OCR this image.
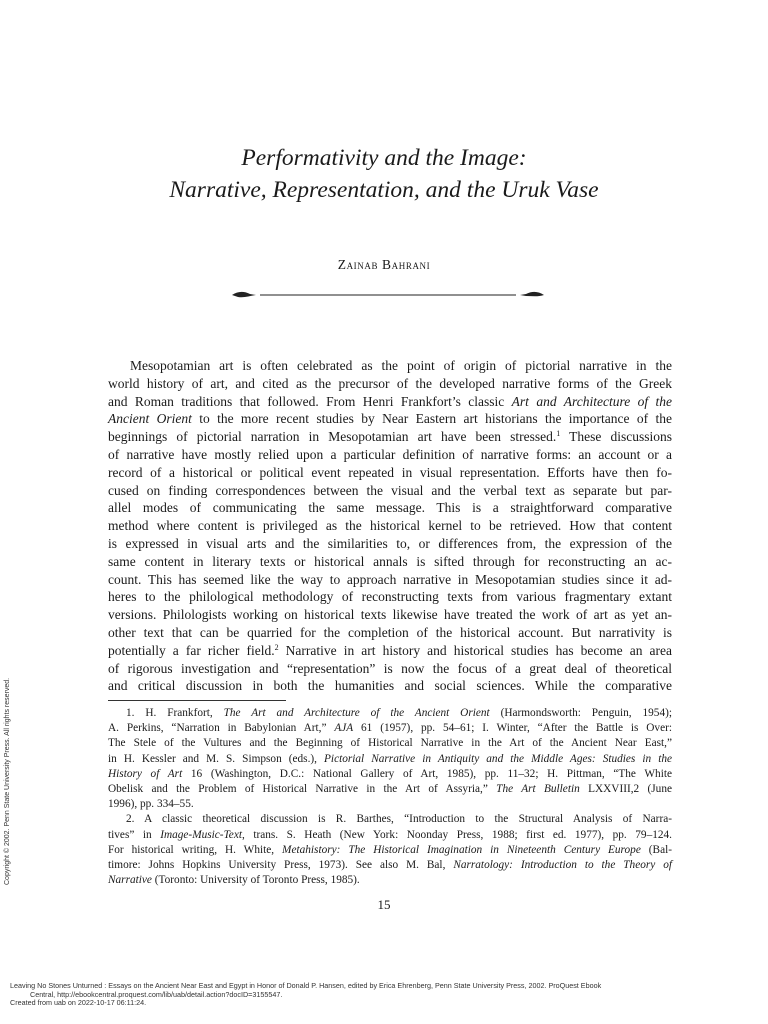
Performativity and the Image:
Narrative, Representation, and the Uruk Vase
Zainab Bahrani
Mesopotamian art is often celebrated as the point of origin of pictorial narrative in the
world history of art, and cited as the precursor of the developed narrative forms of the Greek
and Roman traditions that followed. From Henri Frankfort’s classic Art and Architecture of the
Ancient Orient to the more recent studies by Near Eastern art historians the importance of the
beginnings of pictorial narration in Mesopotamian art have been stressed.$^1$ These discussions
of narrative have mostly relied upon a particular definition of narrative forms: an account or a
record of a historical or political event repeated in visual representation. Efforts have then fo-
cused on finding correspondences between the visual and the verbal text as separate but par-
allel modes of communicating the same message. This is a straightforward comparative
method where content is privileged as the historical kernel to be retrieved. How that content
is expressed in visual arts and the similarities to, or differences from, the expression of the
same content in literary texts or historical annals is sifted through for reconstructing an ac-
count. This has seemed like the way to approach narrative in Mesopotamian studies since it ad-
heres to the philological methodology of reconstructing texts from various fragmentary extant
versions. Philologists working on historical texts likewise have treated the work of art as yet an-
other text that can be quarried for the completion of the historical account. But narrativity is
potentially a far richer field.$^2$ Narrative in art history and historical studies has become an area
of rigorous investigation and “representation” is now the focus of a great deal of theoretical
and critical discussion in both the humanities and social sciences. While the comparative
1. H. Frankfort, The Art and Architecture of the Ancient Orient (Harmondsworth: Penguin, 1954);
A. Perkins, “Narration in Babylonian Art,” AJA 61 (1957), pp. 54–61; I. Winter, “After the Battle is Over:
The Stele of the Vultures and the Beginning of Historical Narrative in the Art of the Ancient Near East,”
in H. Kessler and M. S. Simpson (eds.), Pictorial Narrative in Antiquity and the Middle Ages: Studies in the
History of Art 16 (Washington, D.C.: National Gallery of Art, 1985), pp. 11–32; H. Pittman, “The White
Obelisk and the Problem of Historical Narrative in the Art of Assyria,” The Art Bulletin LXXVIII,2 (June
1996), pp. 334–55.
2. A classic theoretical discussion is R. Barthes, “Introduction to the Structural Analysis of Narra-
tives” in Image-Music-Text, trans. S. Heath (New York: Noonday Press, 1988; first ed. 1977), pp. 79–124.
For historical writing, H. White, Metahistory: The Historical Imagination in Nineteenth Century Europe (Bal-
timore: Johns Hopkins University Press, 1973). See also M. Bal, Narratology: Introduction to the Theory of
Narrative (Toronto: University of Toronto Press, 1985).
15
Copyright © 2002. Penn State University Press. All rights reserved.
Leaving No Stones Unturned : Essays on the Ancient Near East and Egypt in Honor of Donald P. Hansen, edited by Erica Ehrenberg, Penn State University Press, 2002. ProQuest Ebook
Central, http://ebookcentral.proquest.com/lib/uab/detail.action?docID=3155547.
Created from uab on 2022-10-17 06:11:24.
